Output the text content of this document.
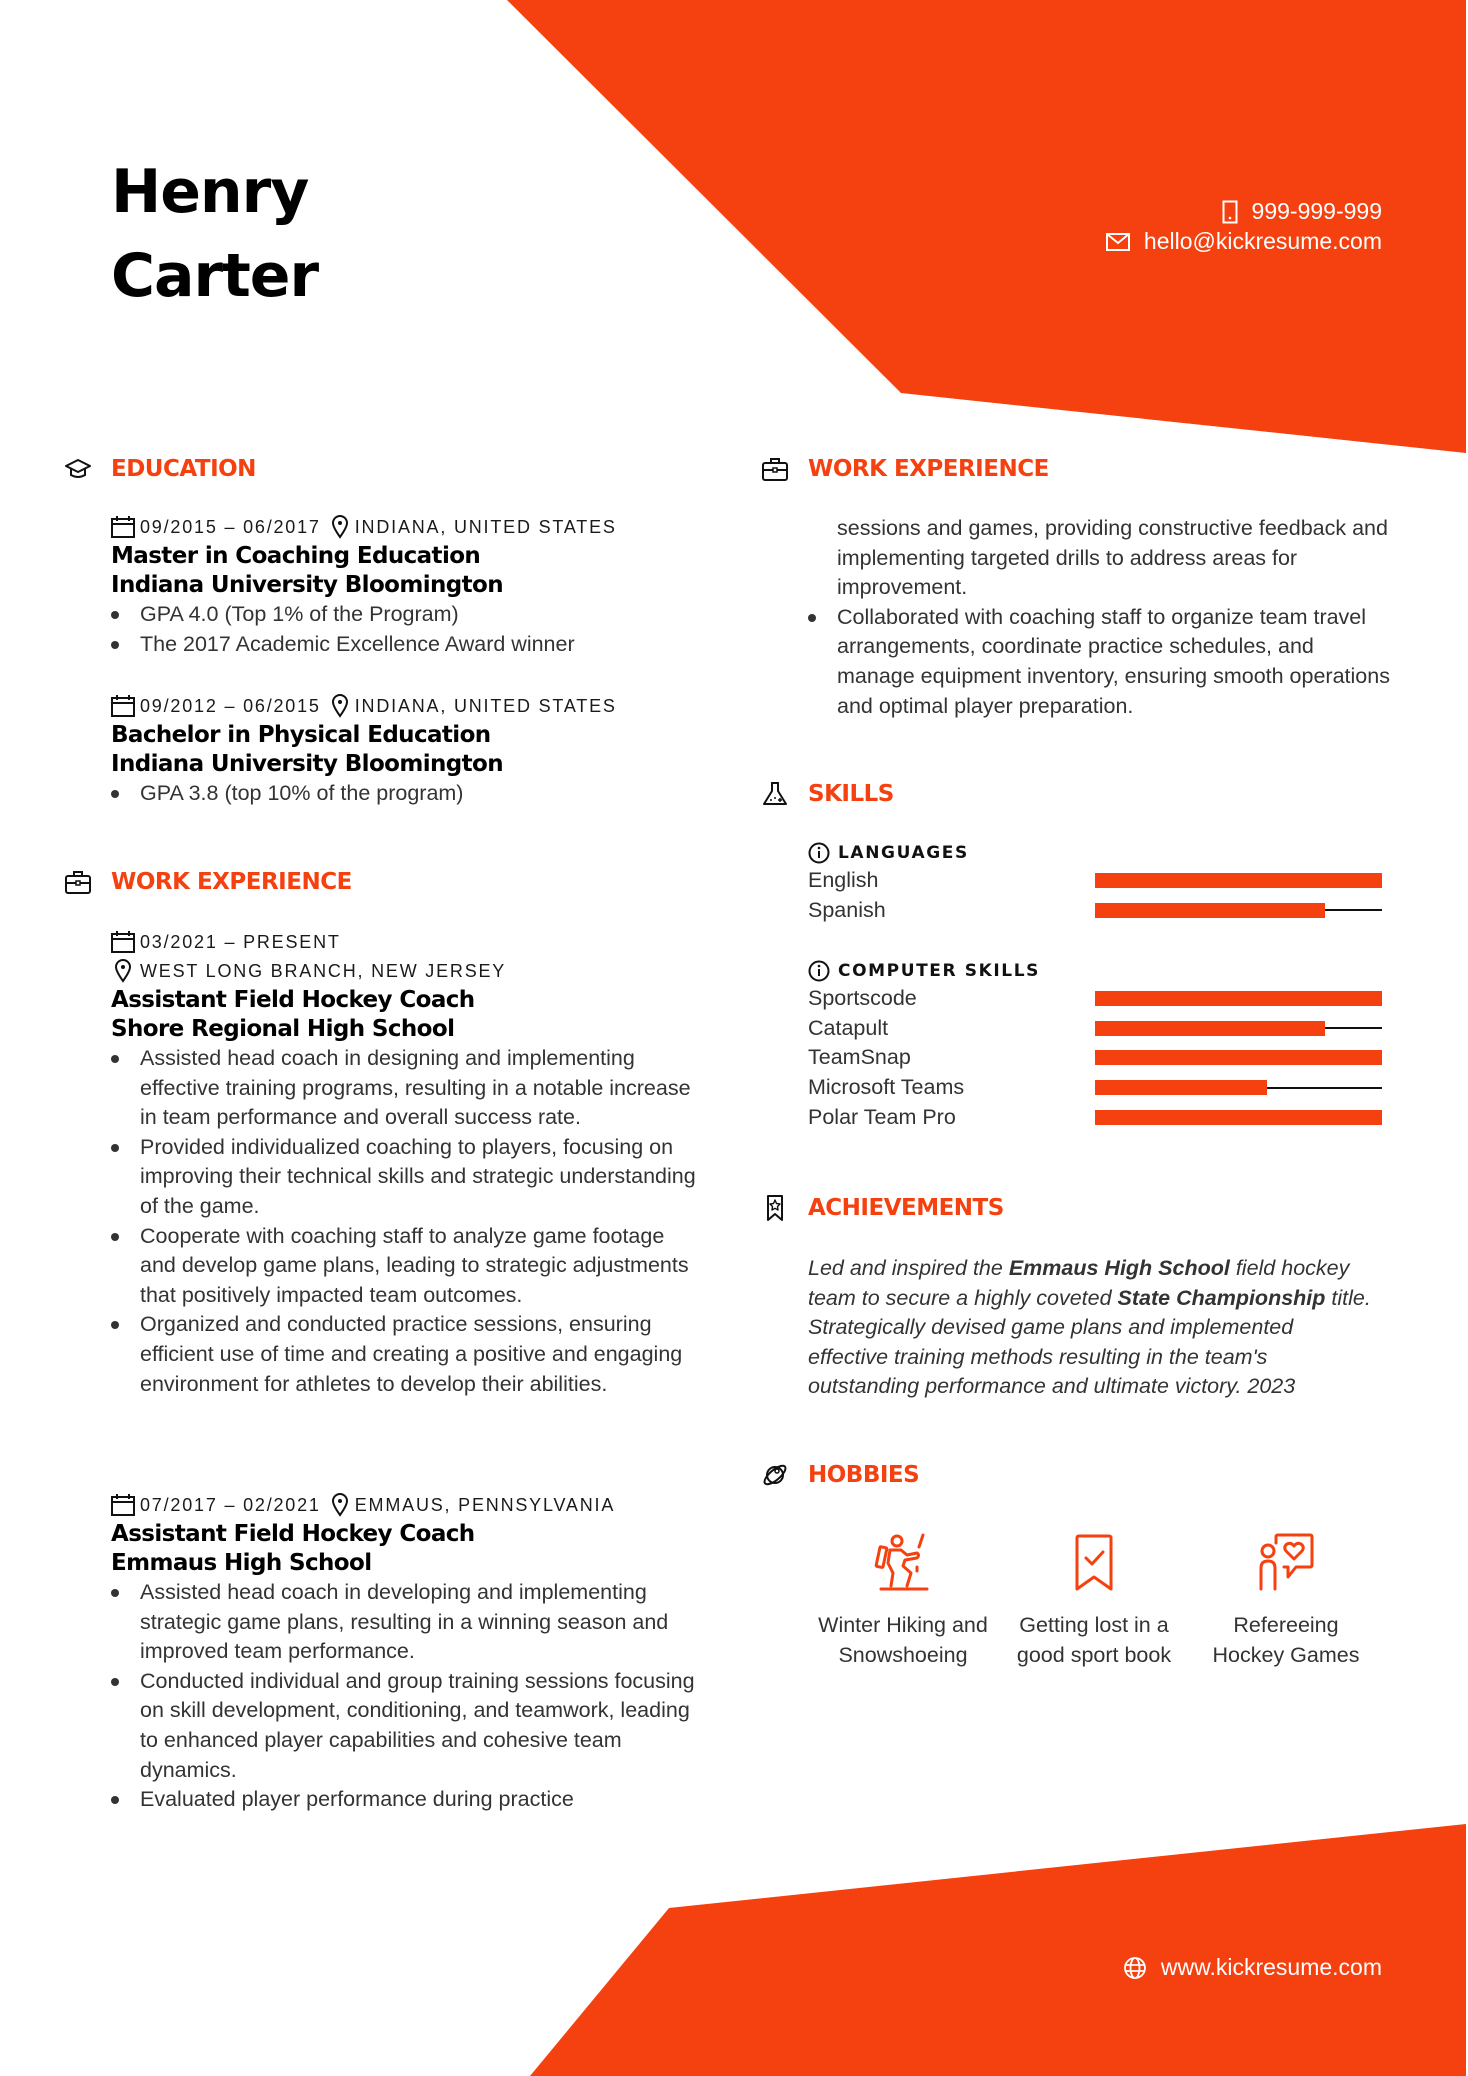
Henry
Carter
999-999-999
hello@kickresume.com
EDUCATION
09/2015 – 06/2017 INDIANA, UNITED STATES
Master in Coaching Education
Indiana University Bloomington
GPA 4.0 (Top 1% of the Program)
The 2017 Academic Excellence Award winner
09/2012 – 06/2015 INDIANA, UNITED STATES
Bachelor in Physical Education
Indiana University Bloomington
GPA 3.8 (top 10% of the program)
WORK EXPERIENCE
03/2021 – PRESENT
WEST LONG BRANCH, NEW JERSEY
Assistant Field Hockey Coach
Shore Regional High School
Assisted head coach in designing and implementing effective training programs, resulting in a notable increase in team performance and overall success rate.
Provided individualized coaching to players, focusing on improving their technical skills and strategic understanding of the game.
Cooperate with coaching staff to analyze game footage and develop game plans, leading to strategic adjustments that positively impacted team outcomes.
Organized and conducted practice sessions, ensuring efficient use of time and creating a positive and engaging environment for athletes to develop their abilities.
07/2017 – 02/2021 EMMAUS, PENNSYLVANIA
Assistant Field Hockey Coach
Emmaus High School
Assisted head coach in developing and implementing strategic game plans, resulting in a winning season and improved team performance.
Conducted individual and group training sessions focusing on skill development, conditioning, and teamwork, leading to enhanced player capabilities and cohesive team dynamics.
Evaluated player performance during practice
WORK EXPERIENCE
sessions and games, providing constructive feedback and implementing targeted drills to address areas for improvement.
Collaborated with coaching staff to organize team travel arrangements, coordinate practice schedules, and manage equipment inventory, ensuring smooth operations and optimal player preparation.
SKILLS
LANGUAGES
English
Spanish
COMPUTER SKILLS
Sportscode
Catapult
TeamSnap
Microsoft Teams
Polar Team Pro
ACHIEVEMENTS
Led and inspired the Emmaus High School field hockey team to secure a highly coveted State Championship title. Strategically devised game plans and implemented effective training methods resulting in the team's outstanding performance and ultimate victory. 2023
HOBBIES
Winter Hiking and Snowshoeing
Getting lost in a good sport book
Refereeing Hockey Games
www.kickresume.com
